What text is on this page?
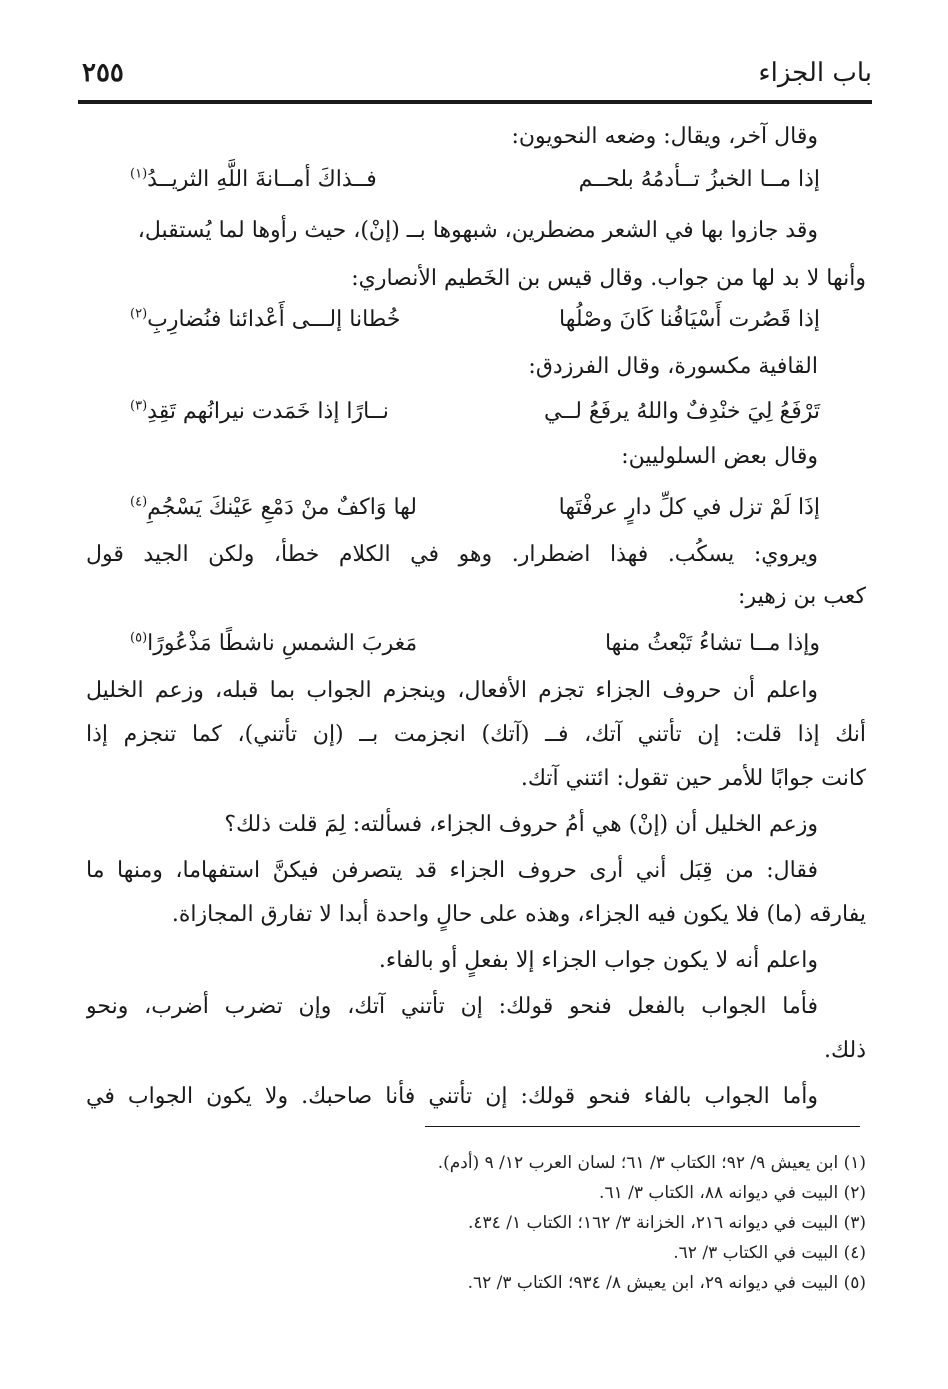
باب الجزاء
٢٥٥
وقال آخر، ويقال: وضعه النحويون:
إذا مــا الخبزُ تــأدمُهُ بلحــم
فــذاكَ أمــانةَ اللَّهِ الثريــدُ$^{(١)}$
وقد جازوا بها في الشعر مضطرين، شبهوها بــ (إنْ)، حيث رأوها لما يُستقبل،
وأنها لا بد لها من جواب. وقال قيس بن الخَطيم الأنصاري:
إذا قَصُرت أَسْيَافُنا كَانَ وصْلُها
خُطانا إلـــى أَعْدائنا فنُضارِبِ$^{(٢)}$
القافية مكسورة، وقال الفرزدق:
تَرْفَعُ لِيَ خنْدِفٌ واللهُ يرفَعُ لــي
نــارًا إذا خَمَدت نيرانُهم تَقِدِ$^{(٣)}$
وقال بعض السلوليين:
إذَا لَمْ تزل في كلِّ دارٍ عرفْتَها
لها وَاكفٌ منْ دَمْعِ عَيْنكَ يَسْجُمِ$^{(٤)}$
ويروي: يسكُب. فهذا اضطرار. وهو في الكلام خطأ، ولكن الجيد قول
كعب بن زهير:
وإذا مــا تشاءُ تَبْعثُ منها
مَغربَ الشمسِ ناشطًا مَذْعُورًا$^{(٥)}$
واعلم أن حروف الجزاء تجزم الأفعال، وينجزم الجواب بما قبله، وزعم الخليل
أنك إذا قلت: إن تأتني آتك، فــ (آتك) انجزمت بــ (إن تأتني)، كما تنجزم إذا
كانت جوابًا للأمر حين تقول: ائتني آتك.
وزعم الخليل أن (إنْ) هي أمُ حروف الجزاء، فسألته: لِمَ قلت ذلك؟
فقال: من قِبَل أني أرى حروف الجزاء قد يتصرفن فيكنَّ استفهاما، ومنها ما
يفارقه (ما) فلا يكون فيه الجزاء، وهذه على حالٍ واحدة أبدا لا تفارق المجازاة.
واعلم أنه لا يكون جواب الجزاء إلا بفعلٍ أو بالفاء.
فأما الجواب بالفعل فنحو قولك: إن تأتني آتك، وإن تضرب أضرب، ونحو
ذلك.
وأما الجواب بالفاء فنحو قولك: إن تأتني فأنا صاحبك. ولا يكون الجواب في
(١) ابن يعيش ٩/ ٩٢؛ الكتاب ٣/ ٦١؛ لسان العرب ١٢/ ٩ (أدم).
(٢) البيت في ديوانه ٨٨، الكتاب ٣/ ٦١.
(٣) البيت في ديوانه ٢١٦، الخزانة ٣/ ١٦٢؛ الكتاب ١/ ٤٣٤.
(٤) البيت في الكتاب ٣/ ٦٢.
(٥) البيت في ديوانه ٢٩، ابن يعيش ٨/ ٩٣٤؛ الكتاب ٣/ ٦٢.
